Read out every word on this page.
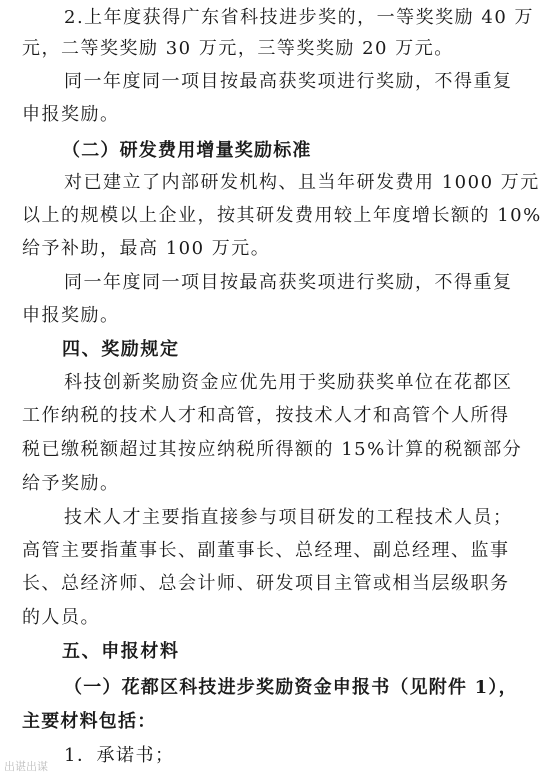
2.上年度获得广东省科技进步奖的，一等奖奖励 40 万
元，二等奖奖励 30 万元，三等奖奖励 20 万元。
同一年度同一项目按最高获奖项进行奖励，不得重复
申报奖励。
（二）研发费用增量奖励标准
对已建立了内部研发机构、且当年研发费用 1000 万元
以上的规模以上企业，按其研发费用较上年度增长额的 10%
给予补助，最高 100 万元。
同一年度同一项目按最高获奖项进行奖励，不得重复
申报奖励。
四、奖励规定
科技创新奖励资金应优先用于奖励获奖单位在花都区
工作纳税的技术人才和高管，按技术人才和高管个人所得
税已缴税额超过其按应纳税所得额的 15%计算的税额部分
给予奖励。
技术人才主要指直接参与项目研发的工程技术人员；
高管主要指董事长、副董事长、总经理、副总经理、监事
长、总经济师、总会计师、研发项目主管或相当层级职务
的人员。
五、申报材料
（一）花都区科技进步奖励资金申报书（见附件 1），
主要材料包括：
1．承诺书；
出谌出谋
